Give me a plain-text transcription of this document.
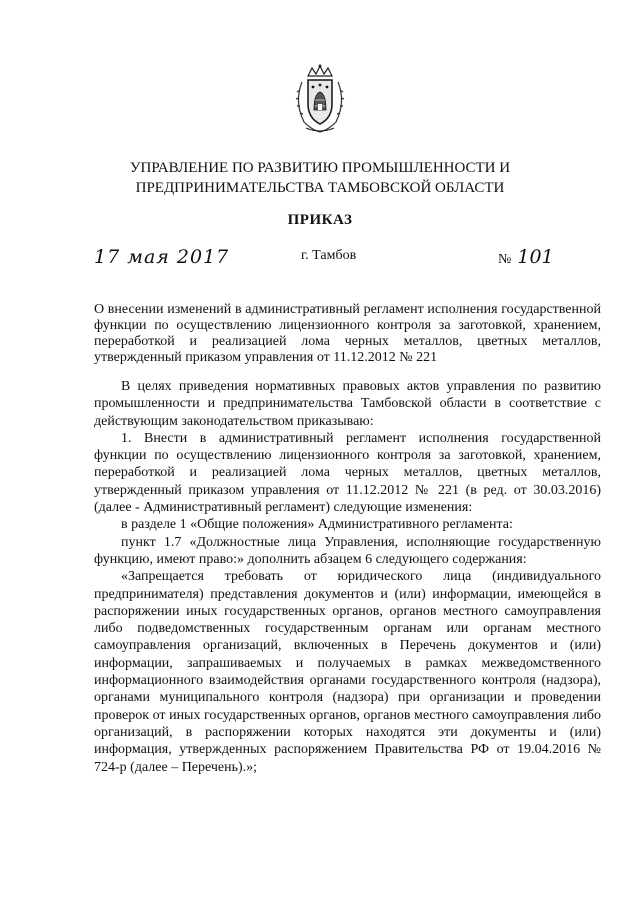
УПРАВЛЕНИЕ ПО РАЗВИТИЮ ПРОМЫШЛЕННОСТИ И
ПРЕДПРИНИМАТЕЛЬСТВА ТАМБОВСКОЙ ОБЛАСТИ
ПРИКАЗ
17 мая 2017	г. Тамбов	№ 101
О внесении изменений в административный регламент исполнения государственной функции по осуществлению лицензионного контроля за заготовкой, хранением, переработкой и реализацией лома черных металлов, цветных металлов, утвержденный приказом управления от 11.12.2012 № 221

В целях приведения нормативных правовых актов управления по развитию промышленности и предпринимательства Тамбовской области в соответствие с действующим законодательством приказываю:

1. Внести в административный регламент исполнения государственной функции по осуществлению лицензионного контроля за заготовкой, хранением, переработкой и реализацией лома черных металлов, цветных металлов, утвержденный приказом управления от 11.12.2012 № 221 (в ред. от 30.03.2016) (далее - Административный регламент) следующие изменения:

в разделе 1 «Общие положения» Административного регламента:

пункт 1.7 «Должностные лица Управления, исполняющие государственную функцию, имеют право:» дополнить абзацем 6 следующего содержания:

«Запрещается требовать от юридического лица (индивидуального предпринимателя) представления документов и (или) информации, имеющейся в распоряжении иных государственных органов, органов местного самоуправления либо подведомственных государственным органам или органам местного самоуправления организаций, включенных в Перечень документов и (или) информации, запрашиваемых и получаемых в рамках межведомственного информационного взаимодействия органами государственного контроля (надзора), органами муниципального контроля (надзора) при организации и проведении проверок от иных государственных органов, органов местного самоуправления либо организаций, в распоряжении которых находятся эти документы и (или) информация, утвержденных распоряжением Правительства РФ от 19.04.2016 № 724-р (далее – Перечень).»;
